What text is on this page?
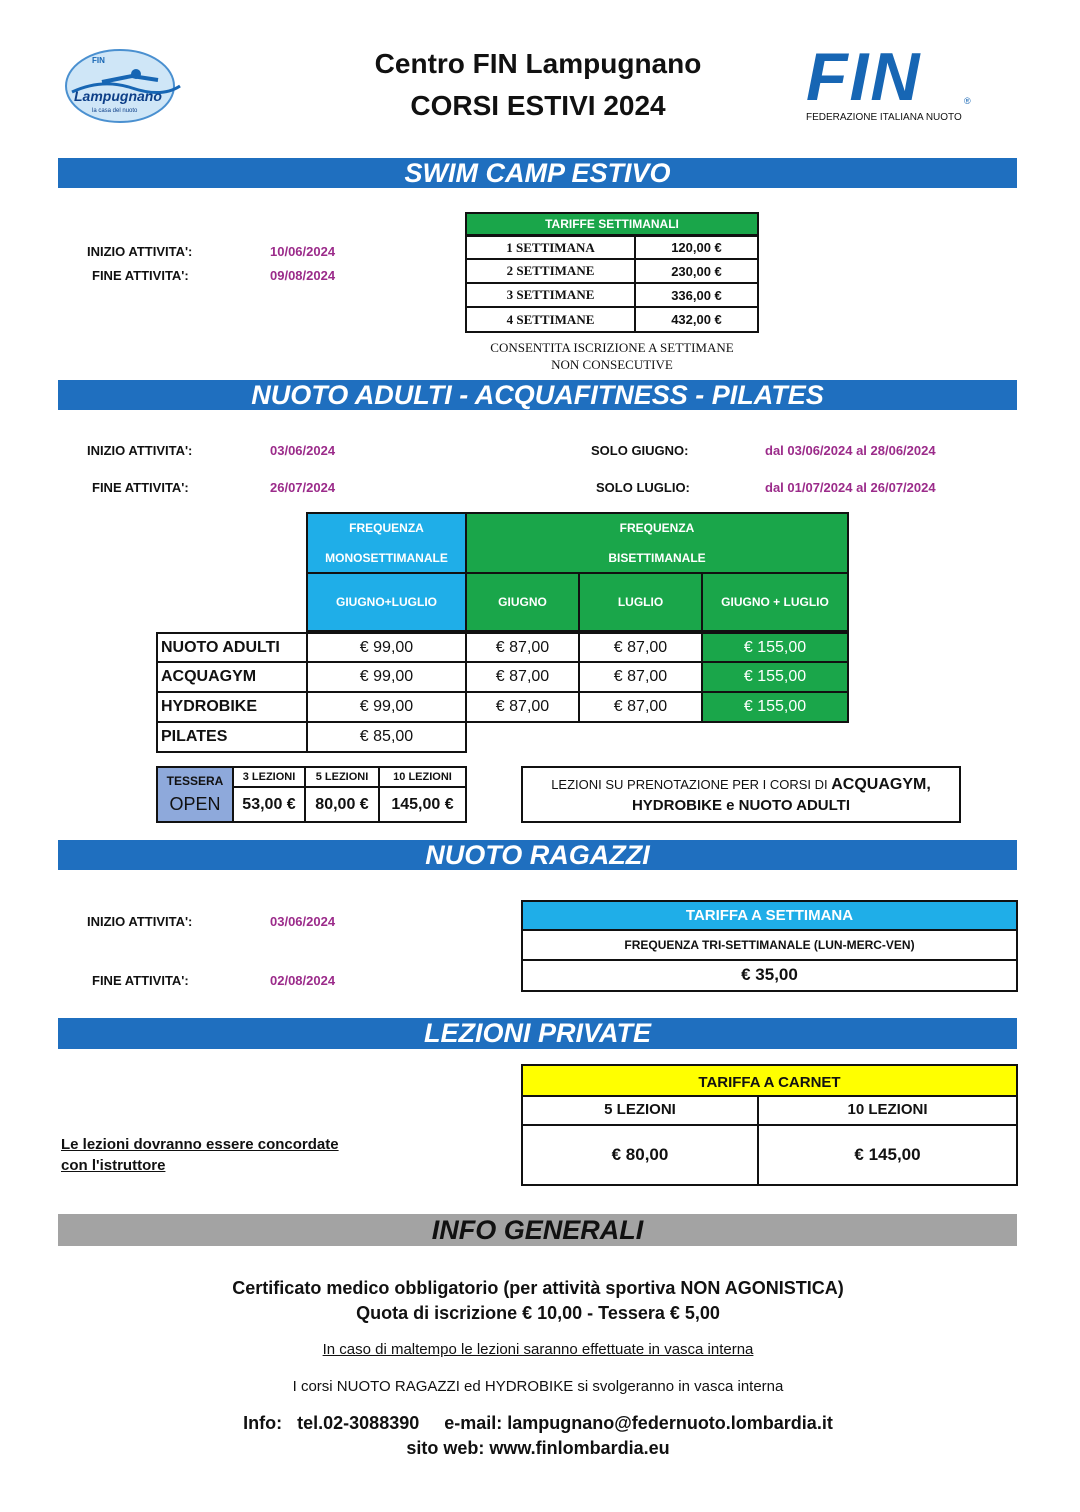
FIN
Lampugnano
la casa del nuoto
Centro FIN Lampugnano
CORSI ESTIVI 2024	FIN	®
FEDERAZIONE ITALIANA NUOTO
SWIM CAMP ESTIVO
INIZIO ATTIVITA':	10/06/2024
FINE ATTIVITA':	09/08/2024
TARIFFE SETTIMANALI
1 SETTIMANA	120,00 €
2 SETTIMANE	230,00 €
3 SETTIMANE	336,00 €
4 SETTIMANE	432,00 €
CONSENTITA ISCRIZIONE A SETTIMANE
NON CONSECUTIVE
NUOTO ADULTI - ACQUAFITNESS - PILATES
INIZIO ATTIVITA':	03/06/2024
FINE ATTIVITA':	26/07/2024
SOLO GIUGNO:	dal 03/06/2024 al 28/06/2024
SOLO LUGLIO:	dal 01/07/2024 al 26/07/2024
FREQUENZA
MONOSETTIMANALE
FREQUENZA
BISETTIMANALE
GIUGNO+LUGLIO	GIUGNO	LUGLIO	GIUGNO + LUGLIO
NUOTO ADULTI	€ 99,00	€ 87,00	€ 87,00	€ 155,00
ACQUAGYM	€ 99,00	€ 87,00	€ 87,00	€ 155,00
HYDROBIKE	€ 99,00	€ 87,00	€ 87,00	€ 155,00
PILATES	€ 85,00
TESSERA
OPEN
3 LEZIONI	5 LEZIONI	10 LEZIONI
53,00 €	80,00 €	145,00 €
LEZIONI SU PRENOTAZIONE PER I CORSI DI ACQUAGYM,
HYDROBIKE e NUOTO ADULTI
NUOTO RAGAZZI
INIZIO ATTIVITA':	03/06/2024
FINE ATTIVITA':	02/08/2024
TARIFFA A SETTIMANA
FREQUENZA TRI-SETTIMANALE (LUN-MERC-VEN)
€ 35,00
LEZIONI PRIVATE
Le lezioni dovranno essere concordate
con l'istruttore
TARIFFA A CARNET
5 LEZIONI	10 LEZIONI
€ 80,00	€ 145,00
INFO GENERALI
Certificato medico obbligatorio (per attività sportiva NON AGONISTICA)
Quota di iscrizione € 10,00 - Tessera € 5,00
In caso di maltempo le lezioni saranno effettuate in vasca interna
I corsi NUOTO RAGAZZI ed HYDROBIKE si svolgeranno in vasca interna
Info:   tel.02-3088390     e-mail: lampugnano@federnuoto.lombardia.it
sito web: www.finlombardia.eu
